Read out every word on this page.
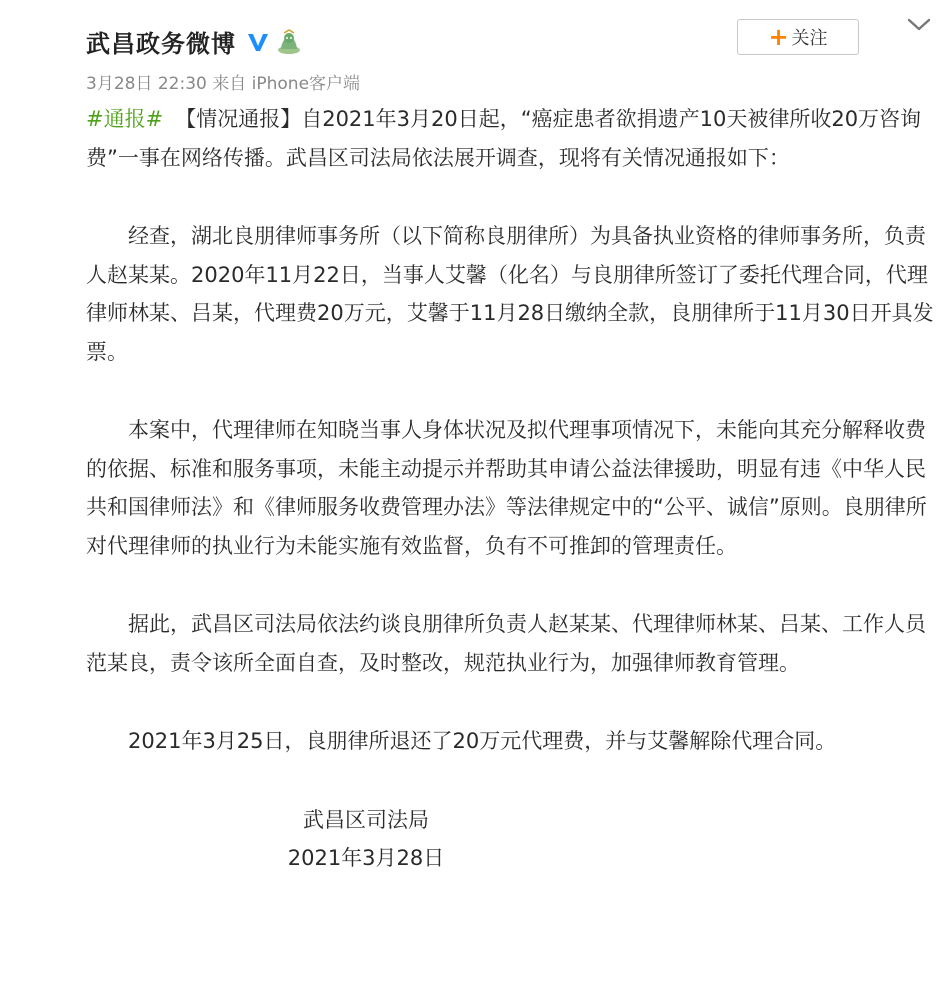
武昌政务微博
3月28日 22:30 来自 iPhone客户端
+ 关注

#通报# 【情况通报】自2021年3月20日起，“癌症患者欲捐遗产10天被律所收20万咨询费”一事在网络传播。武昌区司法局依法展开调查，现将有关情况通报如下：

经查，湖北良朋律师事务所（以下简称良朋律所）为具备执业资格的律师事务所，负责人赵某某。2020年11月22日，当事人艾馨（化名）与良朋律所签订了委托代理合同，代理律师林某、吕某，代理费20万元，艾馨于11月28日缴纳全款，良朋律所于11月30日开具发票。

本案中，代理律师在知晓当事人身体状况及拟代理事项情况下，未能向其充分解释收费的依据、标准和服务事项，未能主动提示并帮助其申请公益法律援助，明显有违《中华人民共和国律师法》和《律师服务收费管理办法》等法律规定中的“公平、诚信”原则。良朋律所对代理律师的执业行为未能实施有效监督，负有不可推卸的管理责任。

据此，武昌区司法局依法约谈良朋律所负责人赵某某、代理律师林某、吕某、工作人员范某良，责令该所全面自查，及时整改，规范执业行为，加强律师教育管理。

2021年3月25日，良朋律所退还了20万元代理费，并与艾馨解除代理合同。

武昌区司法局

2021年3月28日
